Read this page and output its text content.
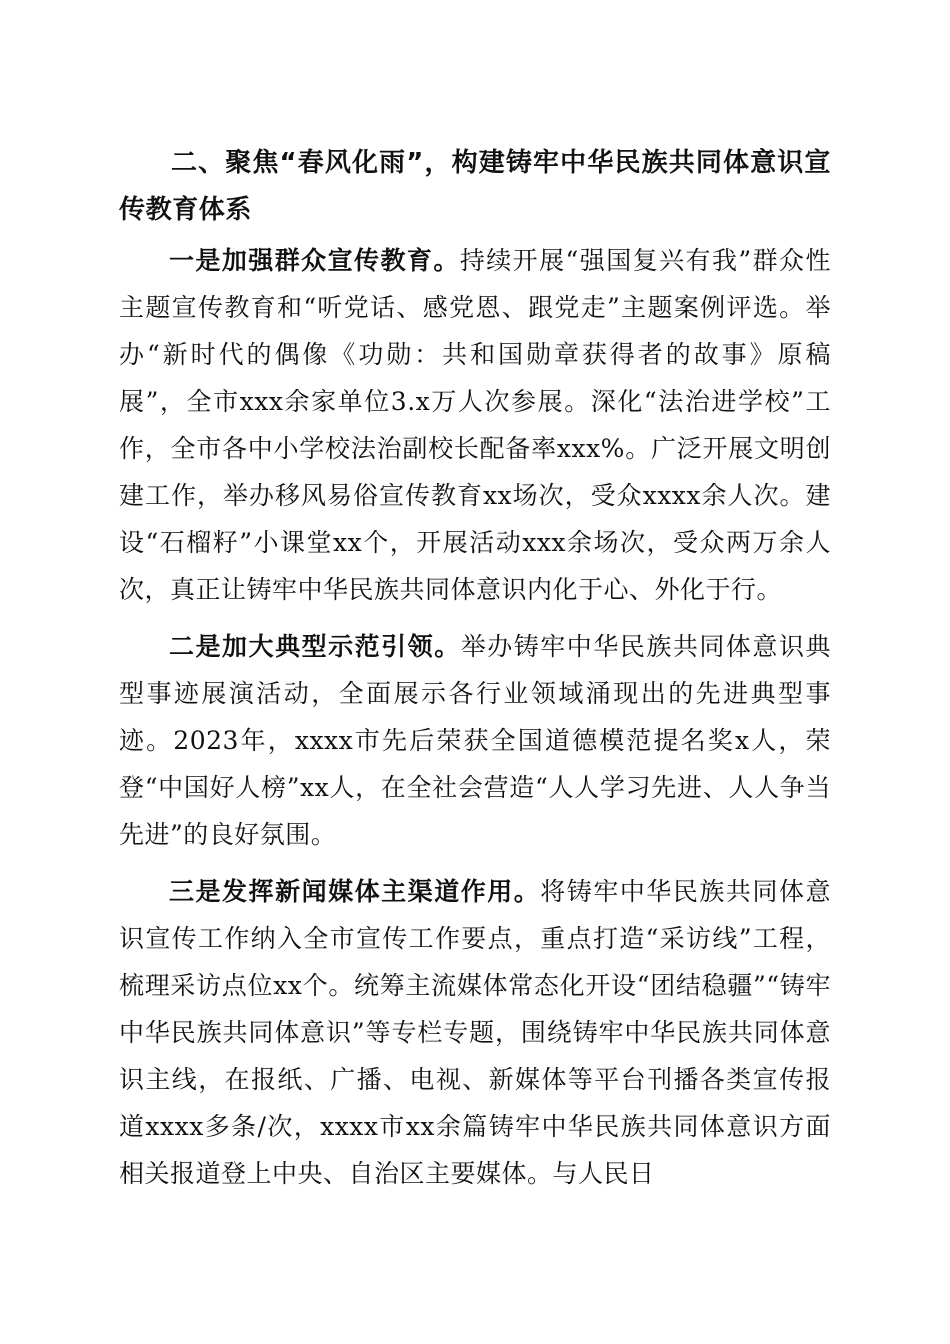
二、聚焦“春风化雨”，构建铸牢中华民族共同体意识宣传教育体系

一是加强群众宣传教育。持续开展“强国复兴有我”群众性主题宣传教育和“听党话、感党恩、跟党走”主题案例评选。举办“新时代的偶像《功勋：共和国勋章获得者的故事》原稿展”，全市xxx余家单位3.x万人次参展。深化“法治进学校”工作，全市各中小学校法治副校长配备率xxx%。广泛开展文明创建工作，举办移风易俗宣传教育xx场次，受众xxxx余人次。建设“石榴籽”小课堂xx个，开展活动xxx余场次，受众两万余人次，真正让铸牢中华民族共同体意识内化于心、外化于行。

二是加大典型示范引领。举办铸牢中华民族共同体意识典型事迹展演活动，全面展示各行业领域涌现出的先进典型事迹。2023年，xxxx市先后荣获全国道德模范提名奖x人，荣登“中国好人榜”xx人，在全社会营造“人人学习先进、人人争当先进”的良好氛围。

三是发挥新闻媒体主渠道作用。将铸牢中华民族共同体意识宣传工作纳入全市宣传工作要点，重点打造“采访线”工程，梳理采访点位xx个。统筹主流媒体常态化开设“团结稳疆”“铸牢中华民族共同体意识”等专栏专题，围绕铸牢中华民族共同体意识主线，在报纸、广播、电视、新媒体等平台刊播各类宣传报道xxxx多条/次，xxxx市xx余篇铸牢中华民族共同体意识方面相关报道登上中央、自治区主要媒体。与人民日
